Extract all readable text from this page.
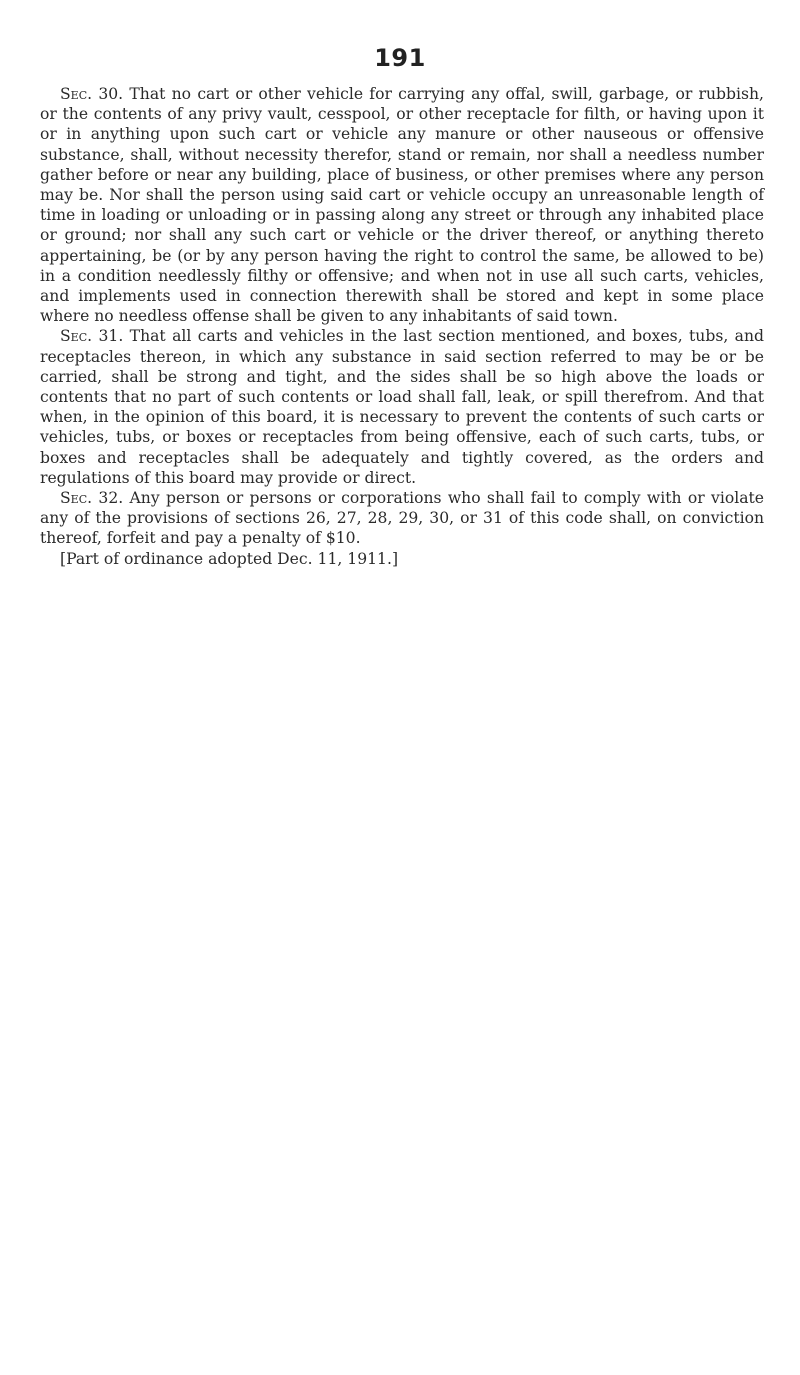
191

Sec. 30. That no cart or other vehicle for carrying any offal, swill, garbage, or rubbish, or the contents of any privy vault, cesspool, or other receptacle for filth, or having upon it or in anything upon such cart or vehicle any manure or other nauseous or offensive substance, shall, without necessity therefor, stand or remain, nor shall a needless number gather before or near any building, place of business, or other premises where any person may be. Nor shall the person using said cart or vehicle occupy an unreasonable length of time in loading or unloading or in passing along any street or through any inhabited place or ground; nor shall any such cart or vehicle or the driver thereof, or anything thereto appertaining, be (or by any person having the right to control the same, be allowed to be) in a condition needlessly filthy or offensive; and when not in use all such carts, vehicles, and implements used in connection therewith shall be stored and kept in some place where no needless offense shall be given to any inhabitants of said town.

Sec. 31. That all carts and vehicles in the last section mentioned, and boxes, tubs, and receptacles thereon, in which any substance in said section referred to may be or be carried, shall be strong and tight, and the sides shall be so high above the loads or contents that no part of such contents or load shall fall, leak, or spill therefrom. And that when, in the opinion of this board, it is necessary to prevent the contents of such carts or vehicles, tubs, or boxes or receptacles from being offensive, each of such carts, tubs, or boxes and receptacles shall be adequately and tightly covered, as the orders and regulations of this board may provide or direct.

Sec. 32. Any person or persons or corporations who shall fail to comply with or violate any of the provisions of sections 26, 27, 28, 29, 30, or 31 of this code shall, on conviction thereof, forfeit and pay a penalty of $10.

[Part of ordinance adopted Dec. 11, 1911.]
